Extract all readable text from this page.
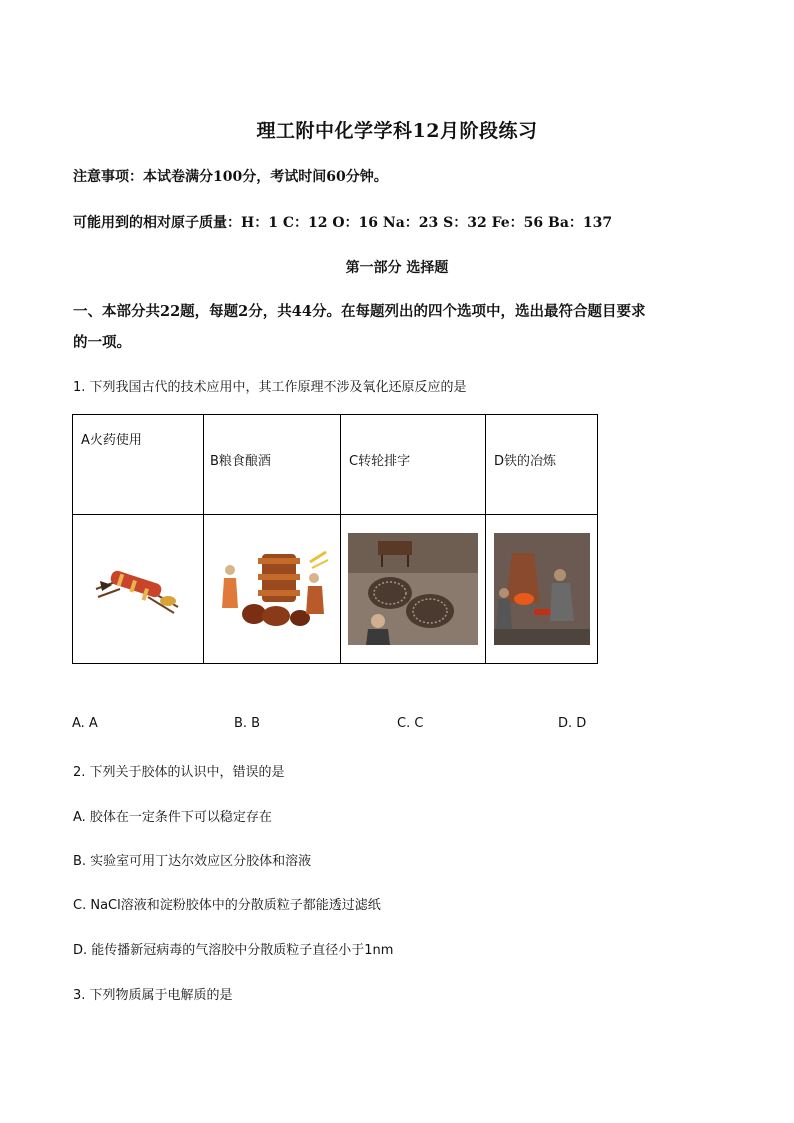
理工附中化学学科12月阶段练习
注意事项：本试卷满分100分，考试时间60分钟。
可能用到的相对原子质量：H：1 C：12 O：16 Na：23 S：32 Fe：56 Ba：137
第一部分 选择题
一、本部分共22题，每题2分，共44分。在每题列出的四个选项中，选出最符合题目要求
的一项。
1. 下列我国古代的技术应用中，其工作原理不涉及氧化还原反应的是
A火药使用	B粮食酿酒	C转轮排字	D铁的冶炼

A. A	B. B	C. C	D. D
2. 下列关于胶体的认识中，错误的是
A. 胶体在一定条件下可以稳定存在
B. 实验室可用丁达尔效应区分胶体和溶液
C. NaCl溶液和淀粉胶体中的分散质粒子都能透过滤纸
D. 能传播新冠病毒的气溶胶中分散质粒子直径小于1nm
3. 下列物质属于电解质的是
